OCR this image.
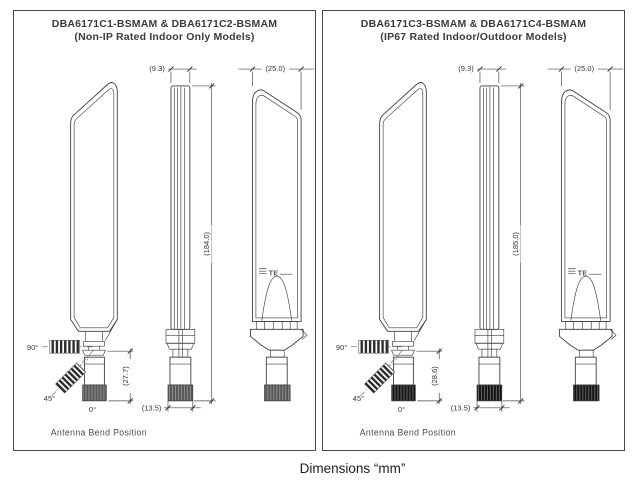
DBA6171C1-BSMAM & DBA6171C2-BSMAM
(Non-IP Rated Indoor Only Models)
90°
45°
0°
(27.7)
(9.3)
(184.0)
(13.5)
TE
(25.0)
Antenna Bend Position
DBA6171C3-BSMAM & DBA6171C4-BSMAM
(IP67 Rated Indoor/Outdoor Models)
90°
45°
0°
(28.6)
(9.3)
(185.0)
(13.5)
TE
(25.0)
Antenna Bend Position
Dimensions “mm”
